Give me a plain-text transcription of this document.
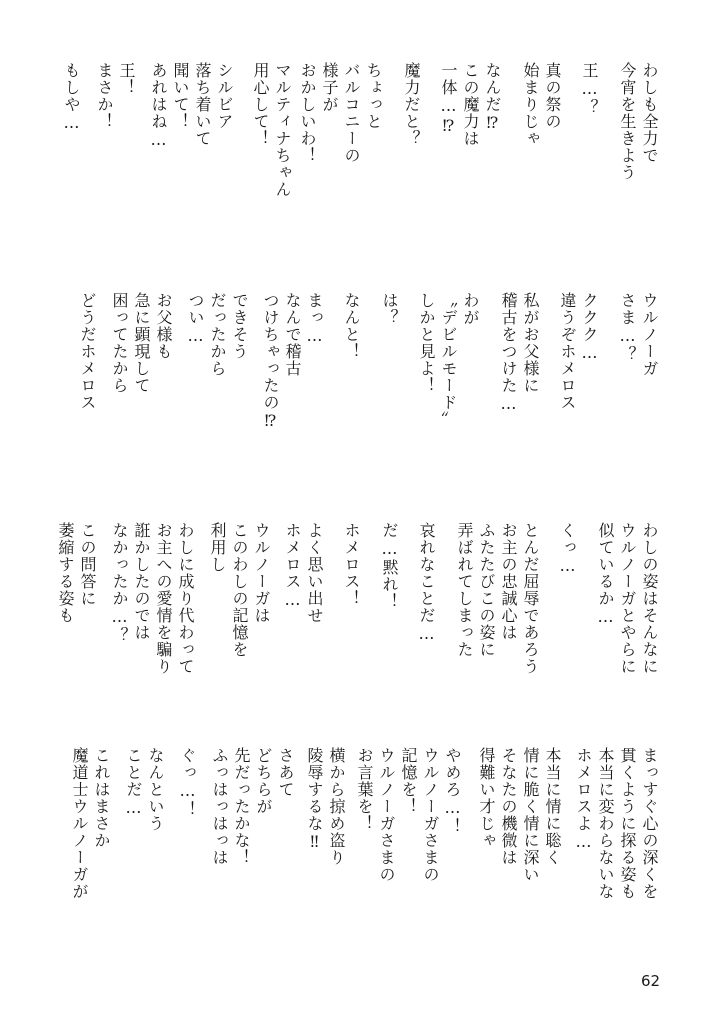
わしも全力で
今宵を生きよう
王…？
真の祭の
始まりじゃ
なんだ⁉
この魔力は
一体…⁉
魔力だと？
ちょっと
バルコニーの
様子が
おかしいわ！
マルティナちゃん
用心して！
シルビア
落ち着いて
聞いて！
あれはね…
王！
まさか！
もしや…
ウルノーガ
さま…？
ククク…
違うぞホメロス
私がお父様に
稽古をつけた…
わが
〝デビルモード〟
しかと見よ！
は？
なんと！
まっ…
なんで稽古
つけちゃったの⁉
できそう
だったから
つい…
お父様も
急に顕現して
困ってたから
どうだホメロス
わしの姿はそんなに
ウルノーガとやらに
似ているか…
くっ…
とんだ屈辱であろう
お主の忠誠心は
ふたたびこの姿に
弄ばれてしまった
哀れなことだ…
だ…黙れ！
ホメロス！
よく思い出せ
ホメロス…
ウルノーガは
このわしの記憶を
利用し
わしに成り代わって
お主への愛情を騙り
誑かしたのでは
なかったか…？
この問答に
萎縮する姿も
まっすぐ心の深くを
貫くように探る姿も
本当に変わらないな
ホメロスよ…
本当に情に聡く
情に脆く情に深い
そなたの機微は
得難い才じゃ
やめろ…！
ウルノーガさまの
記憶を！
ウルノーガさまの
お言葉を！
横から掠め盗り
陵辱するな‼
さあて
どちらが
先だったかな！
ふっはっはっは
ぐっ…！
なんという
ことだ…
これはまさか
魔道士ウルノーガが
62
